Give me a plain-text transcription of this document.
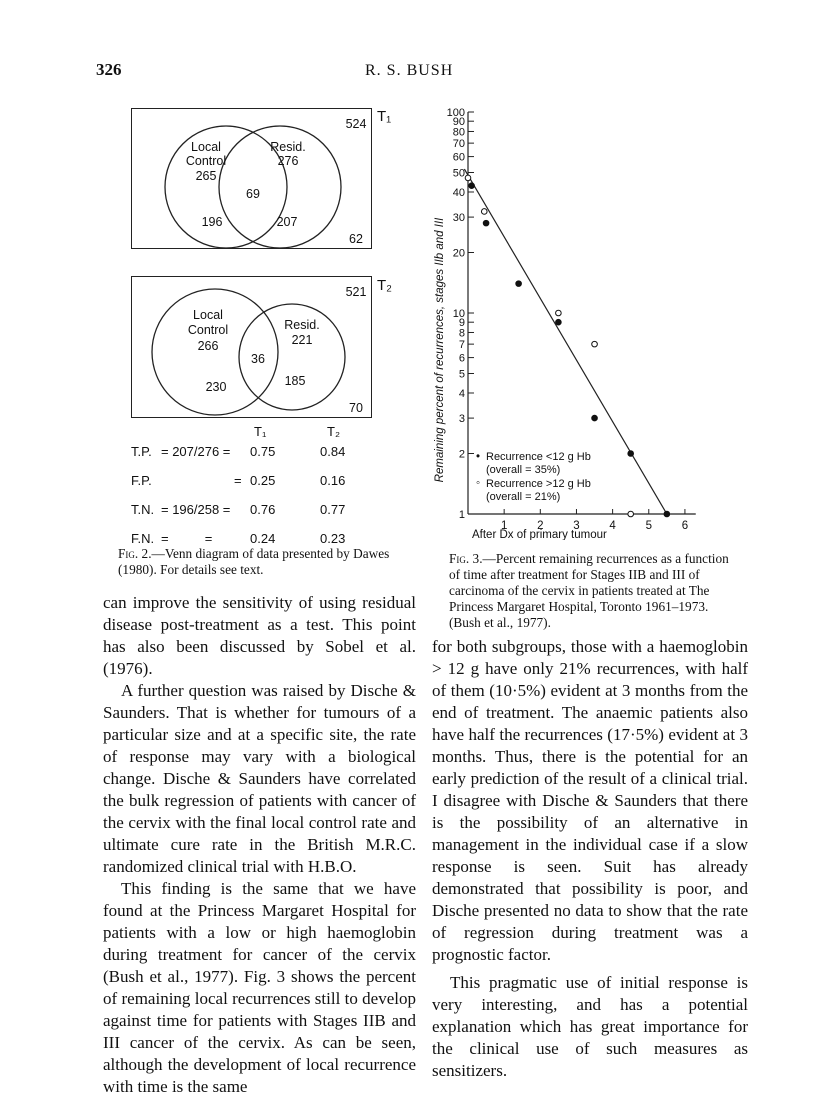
326	R. S. BUSH
Local
Control
265
Resid.
276
69
196	207
524
62
T₁
Local
Control
266
Resid.
221
36
230	185
521
70
T₂
T₁	T₂
T.P. = 207/276 = 0.75	0.84
F.P.	= 0.25	0.16
T.N. = 196/258 = 0.76	0.77
F.N. =          =	0.24	0.23
Fig. 2.—Venn diagram of data presented by Dawes (1980). For details see text.
1
2
3
4
5
6
7
8
9
10
20
30
40
50
60
70
80
90
100
1	2	3	4	5	6
After Dx of primary tumour
Remaining percent of recurrences, stages IIb and III	• Recurrence <12 g Hb
(overall = 35%)
◦ Recurrence >12 g Hb
(overall = 21%)
Fig. 3.—Percent remaining recurrences as a function of time after treatment for Stages IIB and III of carcinoma of the cervix in patients treated at The Princess Margaret Hospital, Toronto 1961–1973. (Bush et al., 1977).

can improve the sensitivity of using residual disease post-treatment as a test. This point has also been discussed by Sobel et al. (1976).

A further question was raised by Dische & Saunders. That is whether for tumours of a particular size and at a specific site, the rate of response may vary with a biological change. Dische & Saunders have correlated the bulk regression of patients with cancer of the cervix with the final local control rate and ultimate cure rate in the British M.R.C. randomized clinical trial with H.B.O.

This finding is the same that we have found at the Princess Margaret Hospital for patients with a low or high haemoglobin during treatment for cancer of the cervix (Bush et al., 1977). Fig. 3 shows the percent of remaining local recurrences still to develop against time for patients with Stages IIB and III cancer of the cervix. As can be seen, although the development of local recurrence with time is the same

for both subgroups, those with a haemoglobin > 12 g have only 21% recurrences, with half of them (10·5%) evident at 3 months from the end of treatment. The anaemic patients also have half the recurrences (17·5%) evident at 3 months. Thus, there is the potential for an early prediction of the result of a clinical trial. I disagree with Dische & Saunders that there is the possibility of an alternative in management in the individual case if a slow response is seen. Suit has already demonstrated that possibility is poor, and Dische presented no data to show that the rate of regression during treatment was a prognostic factor.

This pragmatic use of initial response is very interesting, and has a potential explanation which has great importance for the clinical use of such measures as sensitizers.
